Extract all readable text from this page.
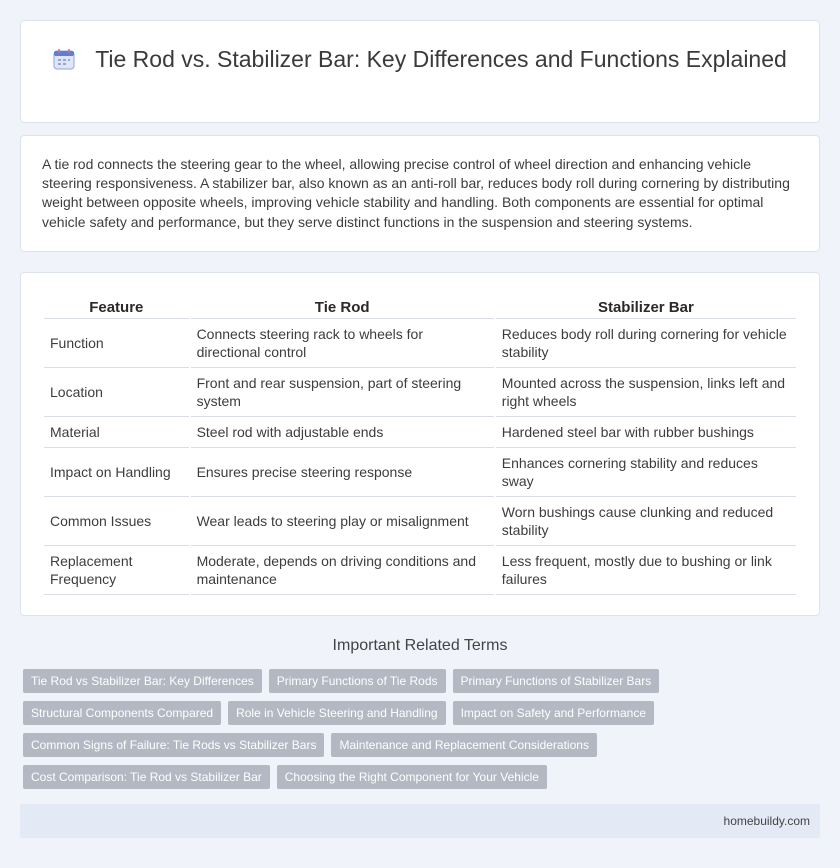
Tie Rod vs. Stabilizer Bar: Key Differences and Functions Explained

A tie rod connects the steering gear to the wheel, allowing precise control of wheel direction and enhancing vehicle steering responsiveness. A stabilizer bar, also known as an anti-roll bar, reduces body roll during cornering by distributing weight between opposite wheels, improving vehicle stability and handling. Both components are essential for optimal vehicle safety and performance, but they serve distinct functions in the suspension and steering systems.

Feature	Tie Rod	Stabilizer Bar
Function	Connects steering rack to wheels for directional control	Reduces body roll during cornering for vehicle stability
Location	Front and rear suspension, part of steering system	Mounted across the suspension, links left and right wheels
Material	Steel rod with adjustable ends	Hardened steel bar with rubber bushings
Impact on Handling	Ensures precise steering response	Enhances cornering stability and reduces sway
Common Issues	Wear leads to steering play or misalignment	Worn bushings cause clunking and reduced stability
Replacement Frequency	Moderate, depends on driving conditions and maintenance	Less frequent, mostly due to bushing or link failures
Important Related Terms
Tie Rod vs Stabilizer Bar: Key Differences	Primary Functions of Tie Rods	Primary Functions of Stabilizer Bars
Structural Components Compared	Role in Vehicle Steering and Handling	Impact on Safety and Performance
Common Signs of Failure: Tie Rods vs Stabilizer Bars	Maintenance and Replacement Considerations
Cost Comparison: Tie Rod vs Stabilizer Bar	Choosing the Right Component for Your Vehicle
homebuildy.com
